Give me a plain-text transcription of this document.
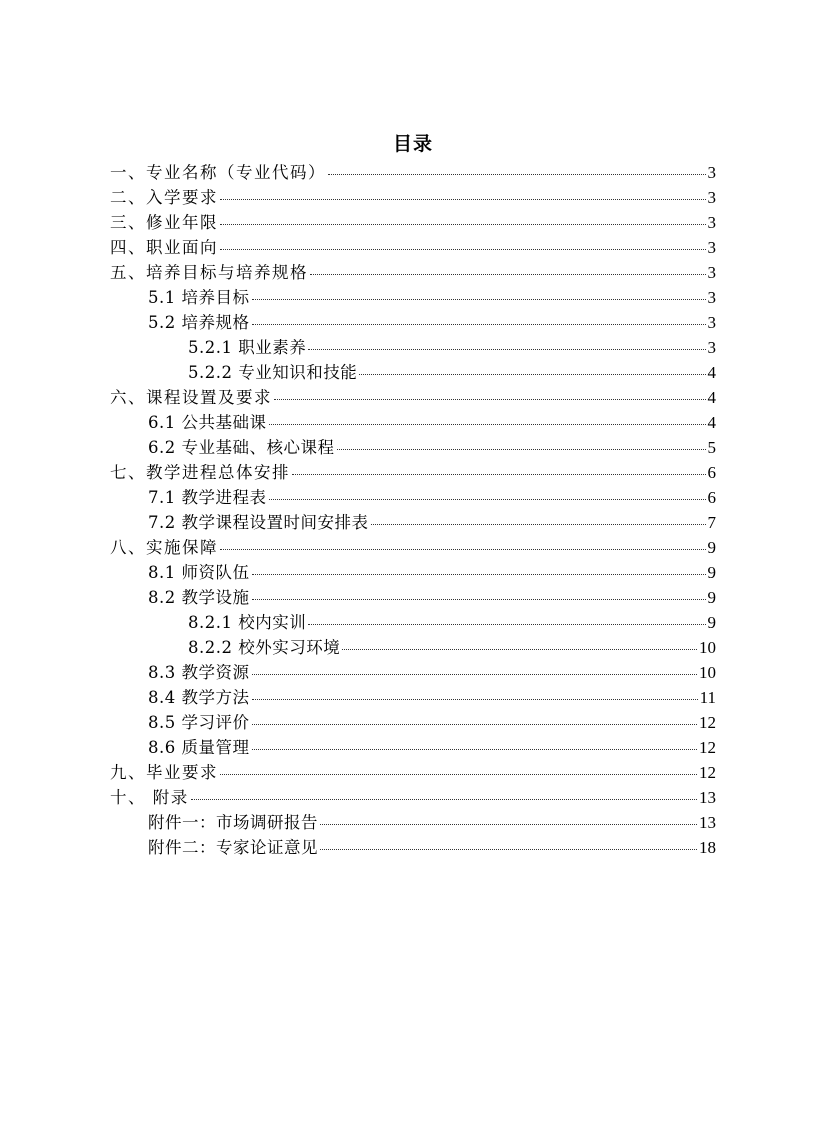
目录
一、专业名称（专业代码）	3
二、入学要求	3
三、修业年限	3
四、职业面向	3
五、培养目标与培养规格	3
5.1 培养目标	3
5.2 培养规格	3
5.2.1 职业素养	3
5.2.2 专业知识和技能	4
六、课程设置及要求	4
6.1 公共基础课	4
6.2 专业基础、核心课程	5
七、教学进程总体安排	6
7.1 教学进程表	6
7.2 教学课程设置时间安排表	7
八、实施保障	9
8.1 师资队伍	9
8.2 教学设施	9
8.2.1 校内实训	9
8.2.2 校外实习环境	10
8.3 教学资源	10
8.4 教学方法	11
8.5 学习评价	12
8.6 质量管理	12
九、毕业要求	12
十、 附录	13
附件一：市场调研报告	13
附件二：专家论证意见	18
